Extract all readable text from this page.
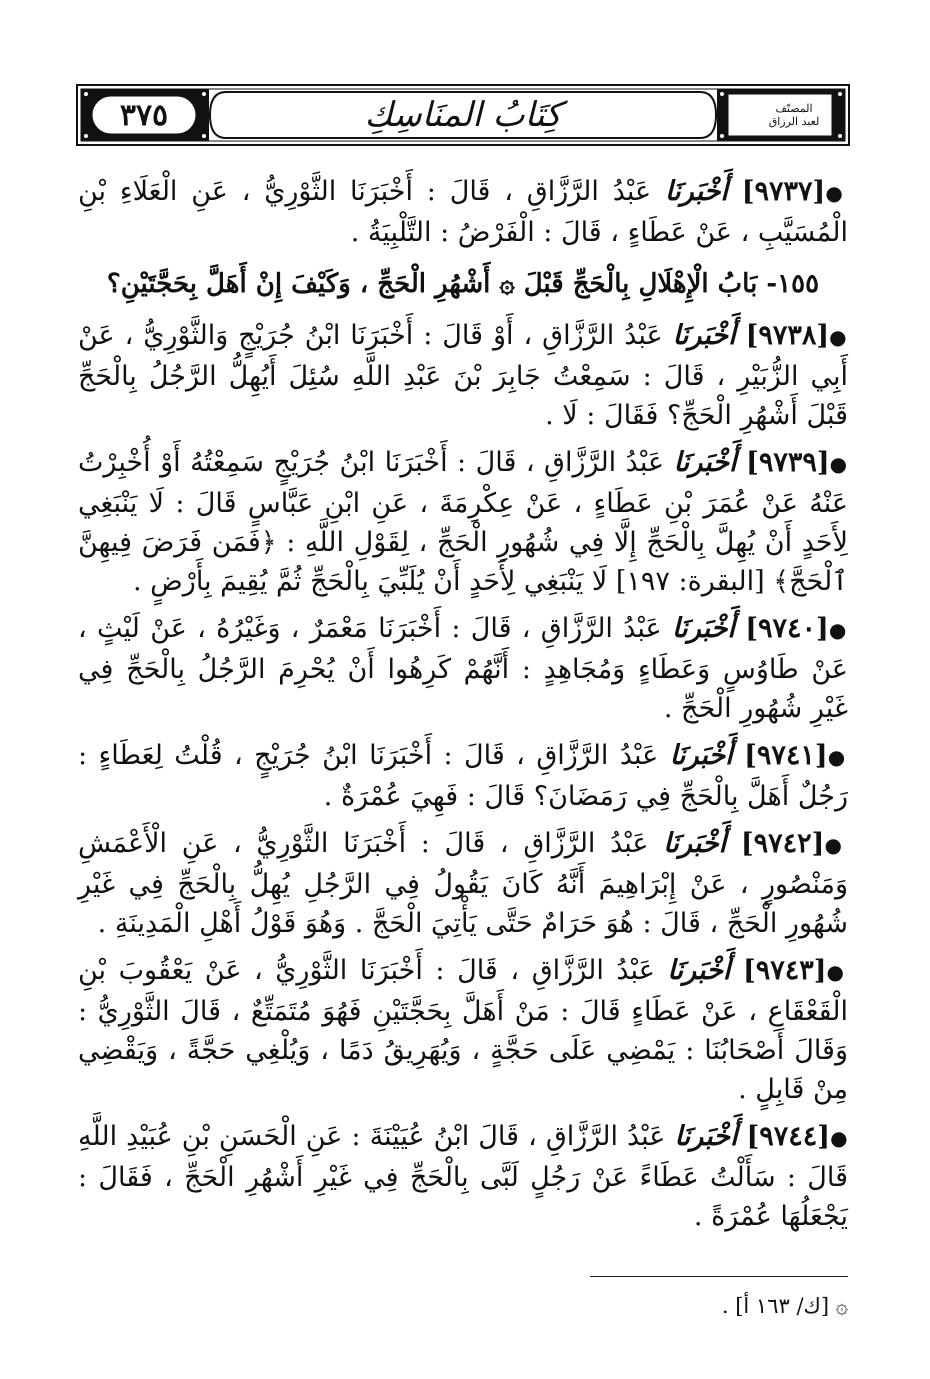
٣٧٥	كِتَابُ المنَاسِكِ	المصنّف
لعبد الرزاق

●[٩٧٣٧] أَخْبَرنَا عَبْدُ الرَّزَّاقِ ، قَالَ : أَخْبَرَنَا الثَّوْرِيُّ ، عَنِ الْعَلَاءِ بْنِ الْمُسَيَّبِ ، عَنْ عَطَاءٍ ، قَالَ : الْفَرْضُ : التَّلْبِيَةُ .

١٥٥- بَابُ الْإِهْلَالِ بِالْحَجِّ قَبْلَ ۞ أَشْهُرِ الْحَجِّ ، وَكَيْفَ إِنْ أَهَلَّ بِحَجَّتَيْنِ؟

●[٩٧٣٨] أَخْبَرنَا عَبْدُ الرَّزَّاقِ ، أَوْ قَالَ : أَخْبَرَنَا ابْنُ جُرَيْجٍ وَالثَّوْرِيُّ ، عَنْ أَبِي الزُّبَيْرِ ، قَالَ : سَمِعْتُ جَابِرَ بْنَ عَبْدِ اللَّهِ سُئِلَ أَيُهِلُّ الرَّجُلُ بِالْحَجِّ قَبْلَ أَشْهُرِ الْحَجِّ؟ فَقَالَ : لَا .

●[٩٧٣٩] أَخْبَرنَا عَبْدُ الرَّزَّاقِ ، قَالَ : أَخْبَرَنَا ابْنُ جُرَيْجٍ سَمِعْتُهُ أَوْ أُخْبِرْتُ عَنْهُ عَنْ عُمَرَ بْنِ عَطَاءٍ ، عَنْ عِكْرِمَةَ ، عَنِ ابْنِ عَبَّاسٍ قَالَ : لَا يَنْبَغِي لِأَحَدٍ أَنْ يُهِلَّ بِالْحَجِّ إِلَّا فِي شُهُورِ الْحَجِّ ، لِقَوْلِ اللَّهِ : ﴿فَمَن فَرَضَ فِيهِنَّ ٱلْحَجَّ﴾ [البقرة: ١٩٧] لَا يَنْبَغِي لِأَحَدٍ أَنْ يُلَبِّيَ بِالْحَجِّ ثُمَّ يُقِيمَ بِأَرْضٍ .

●[٩٧٤٠] أَخْبَرنَا عَبْدُ الرَّزَّاقِ ، قَالَ : أَخْبَرَنَا مَعْمَرٌ ، وَغَيْرُهُ ، عَنْ لَيْثٍ ، عَنْ طَاوُسٍ وَعَطَاءٍ وَمُجَاهِدٍ : أَنَّهُمْ كَرِهُوا أَنْ يُحْرِمَ الرَّجُلُ بِالْحَجِّ فِي غَيْرِ شُهُورِ الْحَجِّ .

●[٩٧٤١] أَخْبَرنَا عَبْدُ الرَّزَّاقِ ، قَالَ : أَخْبَرَنَا ابْنُ جُرَيْجٍ ، قُلْتُ لِعَطَاءٍ : رَجُلٌ أَهَلَّ بِالْحَجِّ فِي رَمَضَانَ؟ قَالَ : فَهِيَ عُمْرَةٌ .

●[٩٧٤٢] أَخْبَرنَا عَبْدُ الرَّزَّاقِ ، قَالَ : أَخْبَرَنَا الثَّوْرِيُّ ، عَنِ الْأَعْمَشِ وَمَنْصُورٍ ، عَنْ إِبْرَاهِيمَ أَنَّهُ كَانَ يَقُولُ فِي الرَّجُلِ يُهِلُّ بِالْحَجِّ فِي غَيْرِ شُهُورِ الْحَجِّ ، قَالَ : هُوَ حَرَامٌ حَتَّى يَأْتِيَ الْحَجَّ . وَهُوَ قَوْلُ أَهْلِ الْمَدِينَةِ .

●[٩٧٤٣] أَخْبَرنَا عَبْدُ الرَّزَّاقِ ، قَالَ : أَخْبَرَنَا الثَّوْرِيُّ ، عَنْ يَعْقُوبَ بْنِ الْقَعْقَاعِ ، عَنْ عَطَاءٍ قَالَ : مَنْ أَهَلَّ بِحَجَّتَيْنِ فَهُوَ مُتَمَتِّعٌ ، قَالَ الثَّوْرِيُّ : وَقَالَ أَصْحَابُنَا : يَمْضِي عَلَى حَجَّةٍ ، وَيُهَرِيقُ دَمًا ، وَيُلْغِي حَجَّةً ، وَيَقْضِي مِنْ قَابِلٍ .

●[٩٧٤٤] أَخْبَرنَا عَبْدُ الرَّزَّاقِ ، قَالَ ابْنُ عُيَيْنَةَ : عَنِ الْحَسَنِ بْنِ عُبَيْدِ اللَّهِ قَالَ : سَأَلْتُ عَطَاءً عَنْ رَجُلٍ لَبَّى بِالْحَجِّ فِي غَيْرِ أَشْهُرِ الْحَجِّ ، فَقَالَ : يَجْعَلُهَا عُمْرَةً .

۞ [ك/ ١٦٣ أ] .
